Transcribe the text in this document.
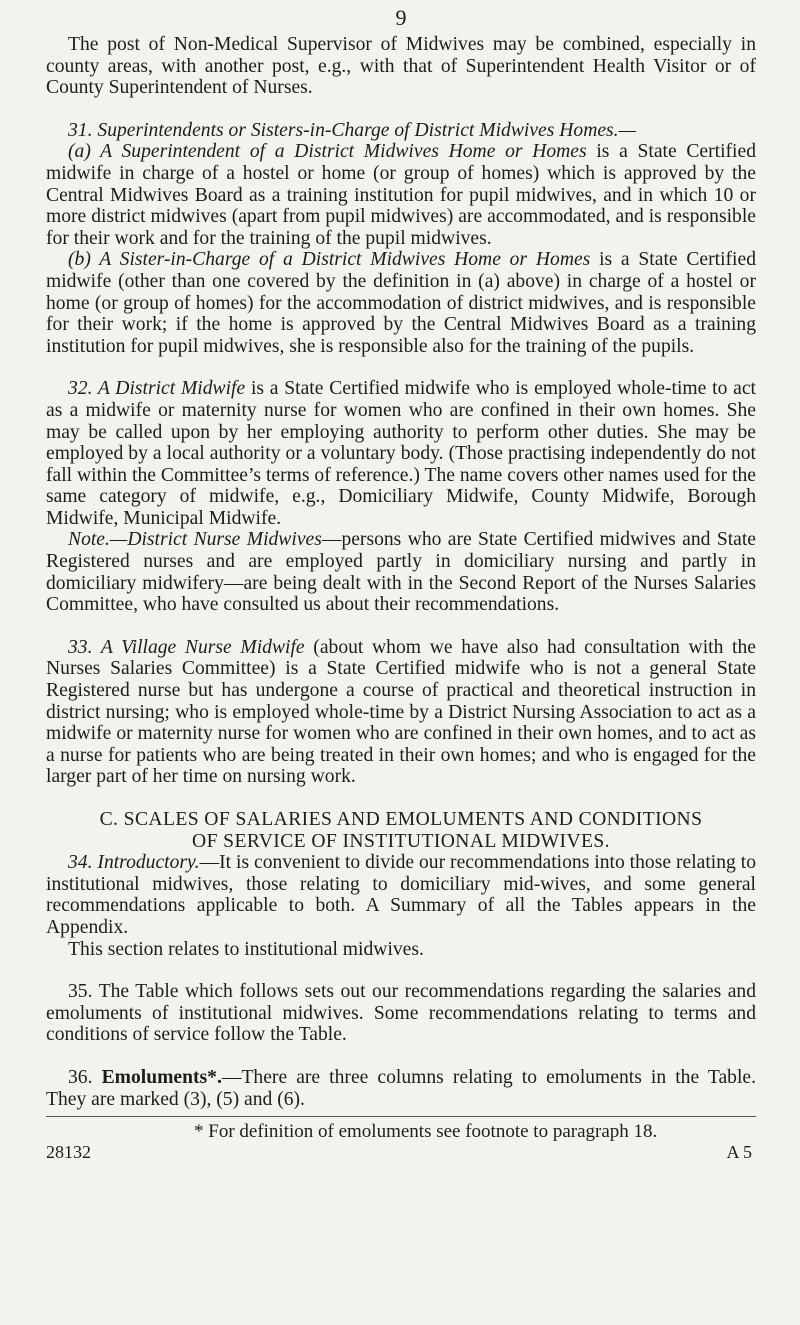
9

The post of Non-Medical Supervisor of Midwives may be combined, especially in county areas, with another post, e.g., with that of Superintendent Health Visitor or of County Superintendent of Nurses.

31. Superintendents or Sisters-in-Charge of District Midwives Homes.—

(a) A Superintendent of a District Midwives Home or Homes is a State Certified midwife in charge of a hostel or home (or group of homes) which is approved by the Central Midwives Board as a training institution for pupil midwives, and in which 10 or more district midwives (apart from pupil midwives) are accommodated, and is responsible for their work and for the training of the pupil midwives.

(b) A Sister-in-Charge of a District Midwives Home or Homes is a State Certified midwife (other than one covered by the definition in (a) above) in charge of a hostel or home (or group of homes) for the accommodation of district midwives, and is responsible for their work; if the home is approved by the Central Midwives Board as a training institution for pupil midwives, she is responsible also for the training of the pupils.

32. A District Midwife is a State Certified midwife who is employed whole-time to act as a midwife or maternity nurse for women who are confined in their own homes. She may be called upon by her employing authority to perform other duties. She may be employed by a local authority or a voluntary body. (Those practising independently do not fall within the Committee’s terms of reference.) The name covers other names used for the same category of midwife, e.g., Domiciliary Midwife, County Midwife, Borough Midwife, Municipal Midwife.

Note.—District Nurse Midwives—persons who are State Certified midwives and State Registered nurses and are employed partly in domiciliary nursing and partly in domiciliary midwifery—are being dealt with in the Second Report of the Nurses Salaries Committee, who have consulted us about their recommendations.

33. A Village Nurse Midwife (about whom we have also had consultation with the Nurses Salaries Committee) is a State Certified midwife who is not a general State Registered nurse but has undergone a course of practical and theoretical instruction in district nursing; who is employed whole-time by a District Nursing Association to act as a midwife or maternity nurse for women who are confined in their own homes, and to act as a nurse for patients who are being treated in their own homes; and who is engaged for the larger part of her time on nursing work.

C. SCALES OF SALARIES AND EMOLUMENTS AND CONDITIONS
OF SERVICE OF INSTITUTIONAL MIDWIVES.

34. Introductory.—It is convenient to divide our recommendations into those relating to institutional midwives, those relating to domiciliary mid-wives, and some general recommendations applicable to both. A Summary of all the Tables appears in the Appendix.

This section relates to institutional midwives.

35. The Table which follows sets out our recommendations regarding the salaries and emoluments of institutional midwives. Some recommendations relating to terms and conditions of service follow the Table.

36. Emoluments*.—There are three columns relating to emoluments in the Table. They are marked (3), (5) and (6).

* For definition of emoluments see footnote to paragraph 18.

28132	A 5
